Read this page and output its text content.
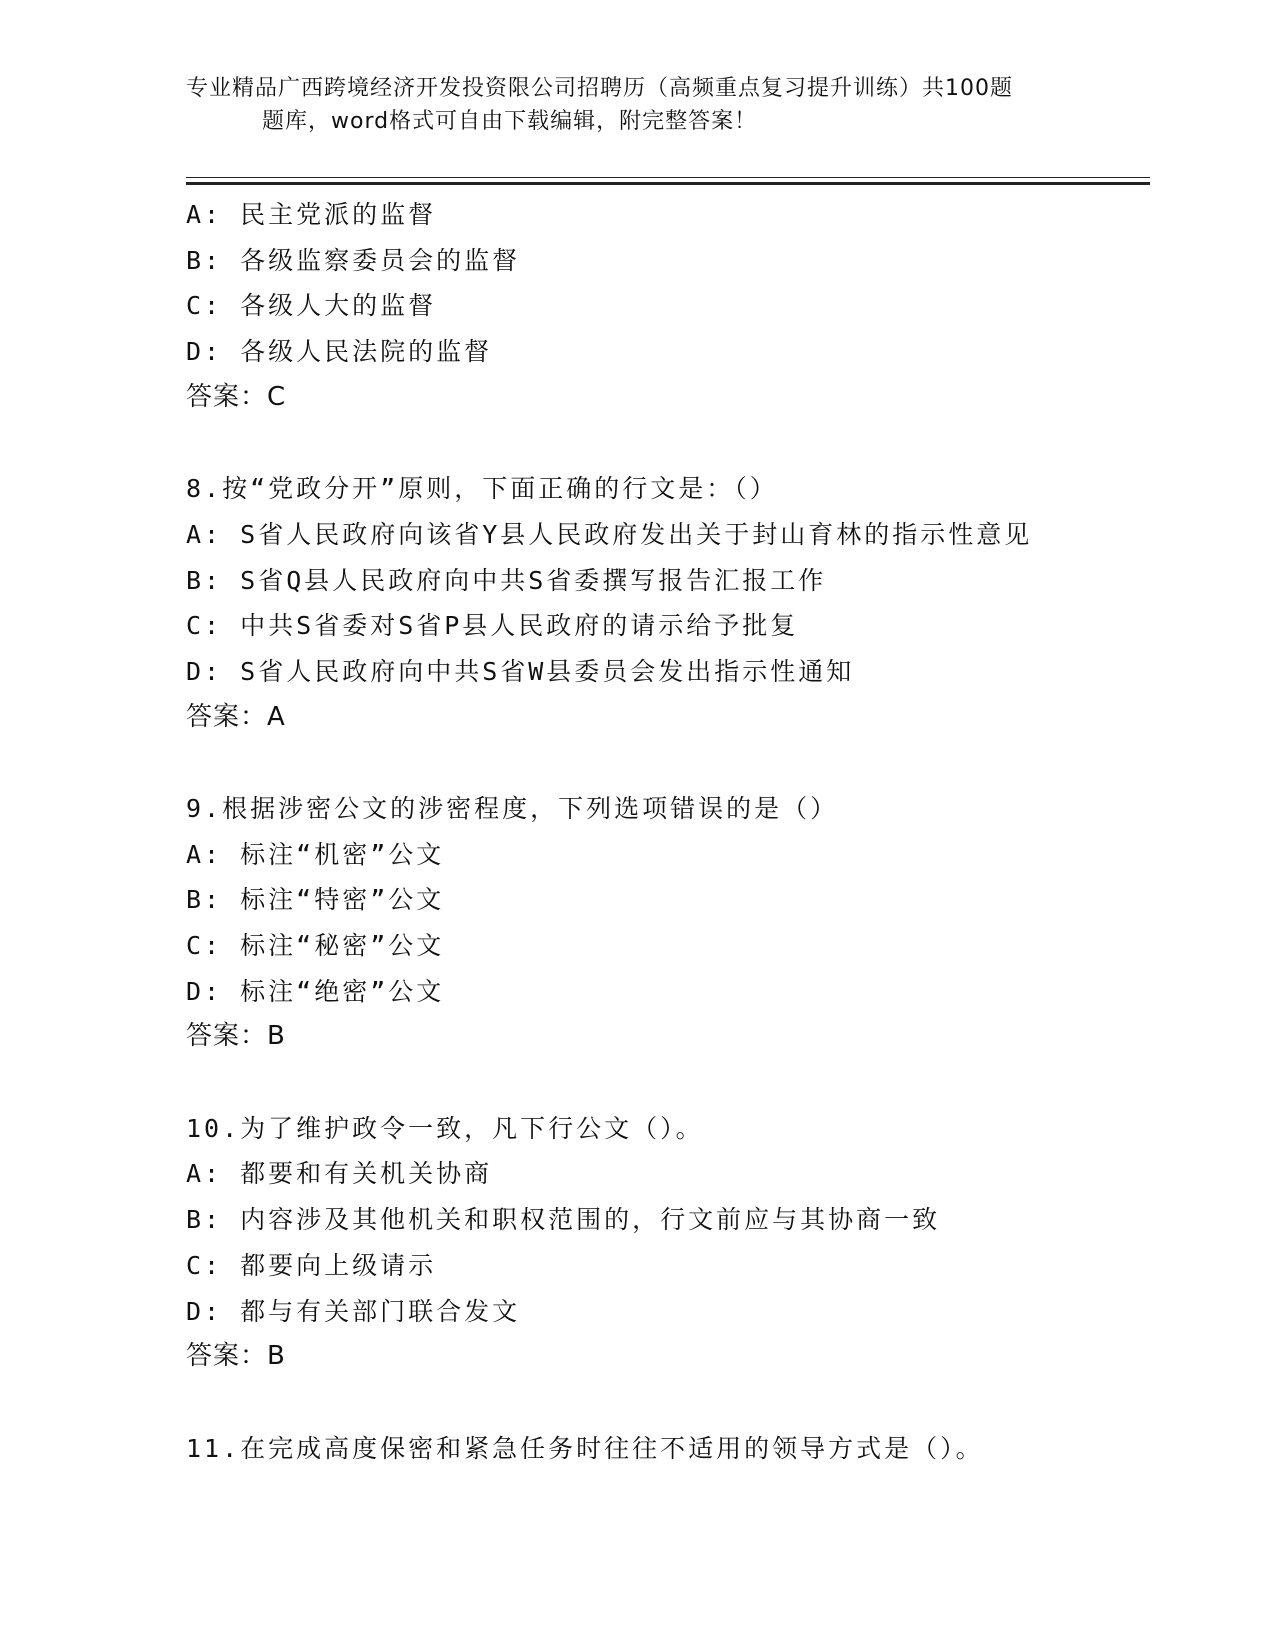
专业精品广西跨境经济开发投资限公司招聘历（高频重点复习提升训练）共100题
题库，word格式可自由下载编辑，附完整答案！
A: 民主党派的监督
B: 各级监察委员会的监督
C: 各级人大的监督
D: 各级人民法院的监督
答案：C
8.按“党政分开”原则，下面正确的行文是：（）
A: S省人民政府向该省Y县人民政府发出关于封山育林的指示性意见
B: S省Q县人民政府向中共S省委撰写报告汇报工作
C: 中共S省委对S省P县人民政府的请示给予批复
D: S省人民政府向中共S省W县委员会发出指示性通知
答案：A
9.根据涉密公文的涉密程度，下列选项错误的是（）
A: 标注“机密”公文
B: 标注“特密”公文
C: 标注“秘密”公文
D: 标注“绝密”公文
答案：B
10.为了维护政令一致，凡下行公文（）。
A: 都要和有关机关协商
B: 内容涉及其他机关和职权范围的，行文前应与其协商一致
C: 都要向上级请示
D: 都与有关部门联合发文
答案：B
11.在完成高度保密和紧急任务时往往不适用的领导方式是（）。
